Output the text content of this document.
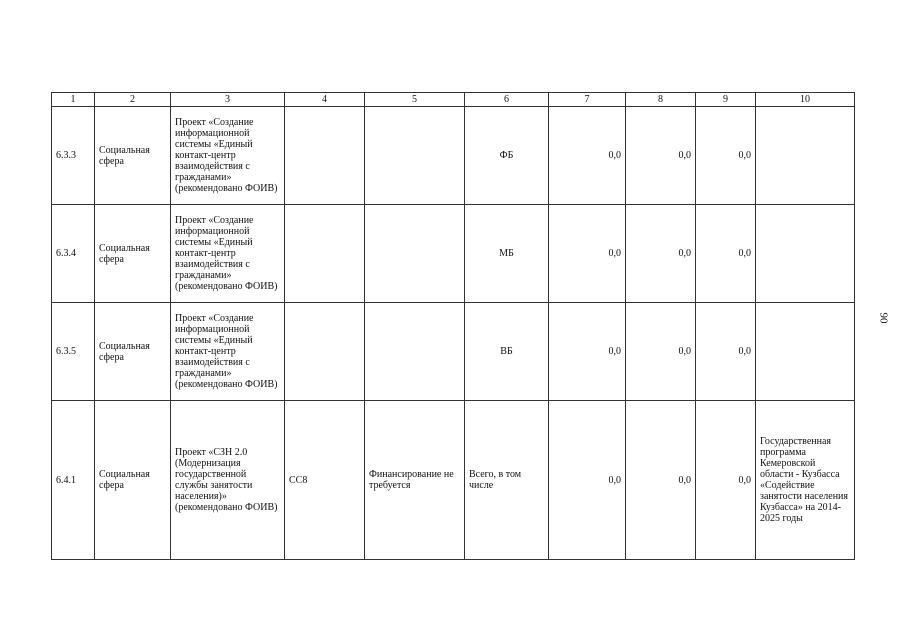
1	2	3	4	5	6	7	8	9	10
6.3.3	Социальная сфера	Проект «Создание информационной системы «Единый контакт-центр взаимодействия с гражданами» (рекомендовано ФОИВ)			ФБ	0,0	0,0	0,0	
6.3.4	Социальная сфера	Проект «Создание информационной системы «Единый контакт-центр взаимодействия с гражданами» (рекомендовано ФОИВ)			МБ	0,0	0,0	0,0	
6.3.5	Социальная сфера	Проект «Создание информационной системы «Единый контакт-центр взаимодействия с гражданами» (рекомендовано ФОИВ)			ВБ	0,0	0,0	0,0	
6.4.1	Социальная сфера	Проект «СЗН 2.0 (Модернизация государственной службы занятости населения)» (рекомендовано ФОИВ)	СС8	Финансирование не требуется	Всего, в том числе	0,0	0,0	0,0	Государственная программа Кемеровской области - Кузбасса «Содействие занятости населения Кузбасса» на 2014-2025 годы
90
